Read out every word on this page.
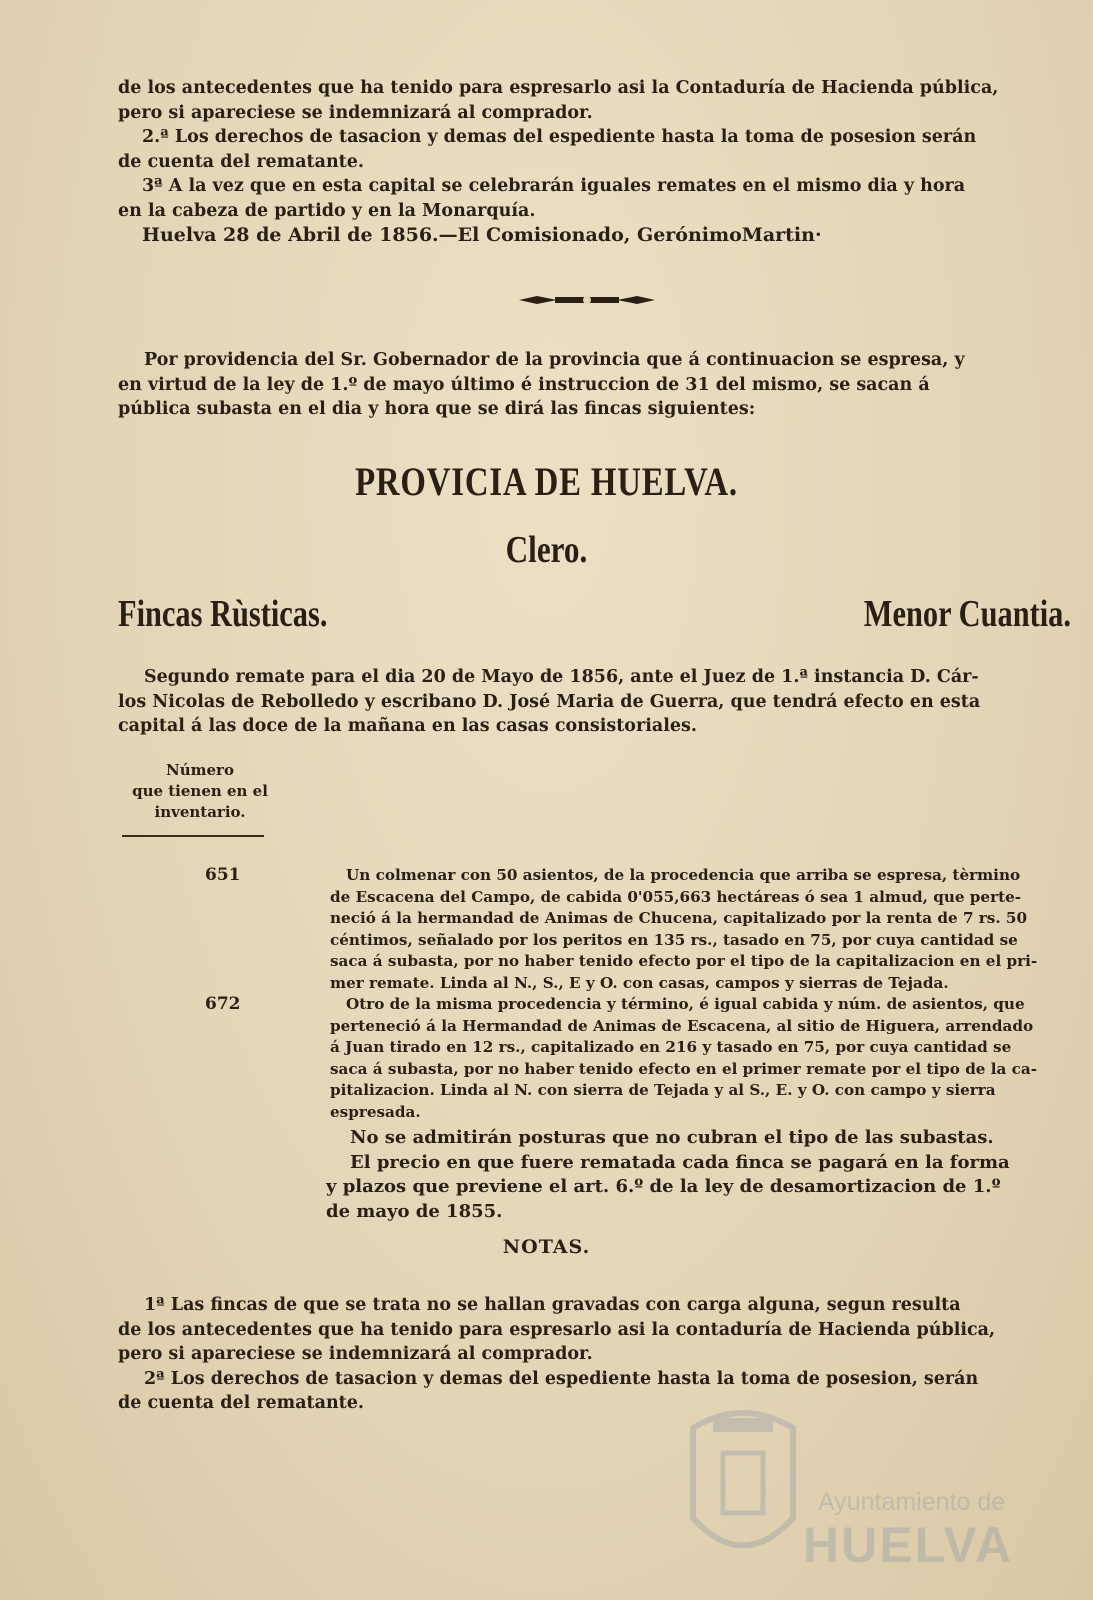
de los antecedentes que ha tenido para espresarlo asi la Contaduría de Hacienda pública,
pero si apareciese se indemnizará al comprador.
2.ª Los derechos de tasacion y demas del espediente hasta la toma de posesion serán
de cuenta del rematante.
3ª A la vez que en esta capital se celebrarán iguales remates en el mismo dia y hora
en la cabeza de partido y en la Monarquía.
Huelva 28 de Abril de 1856.—El Comisionado, GerónimoMartin·
Por providencia del Sr. Gobernador de la provincia que á continuacion se espresa, y
en virtud de la ley de 1.º de mayo último é instruccion de 31 del mismo, se sacan á
pública subasta en el dia y hora que se dirá las fincas siguientes:
PROVICIA DE HUELVA.
Clero.
Fincas Rùsticas.	Menor Cuantia.
Segundo remate para el dia 20 de Mayo de 1856, ante el Juez de 1.ª instancia D. Cár-
los Nicolas de Rebolledo y escribano D. José Maria de Guerra, que tendrá efecto en esta
capital á las doce de la mañana en las casas consistoriales.
Número
que tienen en el
inventario.
651	Un colmenar con 50 asientos, de la procedencia que arriba se espresa, tèrmino
de Escacena del Campo, de cabida 0'055,663 hectáreas ó sea 1 almud, que perte-
neció á la hermandad de Animas de Chucena, capitalizado por la renta de 7 rs. 50
céntimos, señalado por los peritos en 135 rs., tasado en 75, por cuya cantidad se
saca á subasta, por no haber tenido efecto por el tipo de la capitalizacion en el pri-
mer remate. Linda al N., S., E y O. con casas, campos y sierras de Tejada.
672	Otro de la misma procedencia y término, é igual cabida y núm. de asientos, que
perteneció á la Hermandad de Animas de Escacena, al sitio de Higuera, arrendado
á Juan tirado en 12 rs., capitalizado en 216 y tasado en 75, por cuya cantidad se
saca á subasta, por no haber tenido efecto en el primer remate por el tipo de la ca-
pitalizacion. Linda al N. con sierra de Tejada y al S., E. y O. con campo y sierra
espresada.
No se admitirán posturas que no cubran el tipo de las subastas.
El precio en que fuere rematada cada finca se pagará en la forma
y plazos que previene el art. 6.º de la ley de desamortizacion de 1.º
de mayo de 1855.
NOTAS.
1ª Las fincas de que se trata no se hallan gravadas con carga alguna, segun resulta
de los antecedentes que ha tenido para espresarlo asi la contaduría de Hacienda pública,
pero si apareciese se indemnizará al comprador.
2ª Los derechos de tasacion y demas del espediente hasta la toma de posesion, serán
de cuenta del rematante.
Ayuntamiento de
HUELVA
